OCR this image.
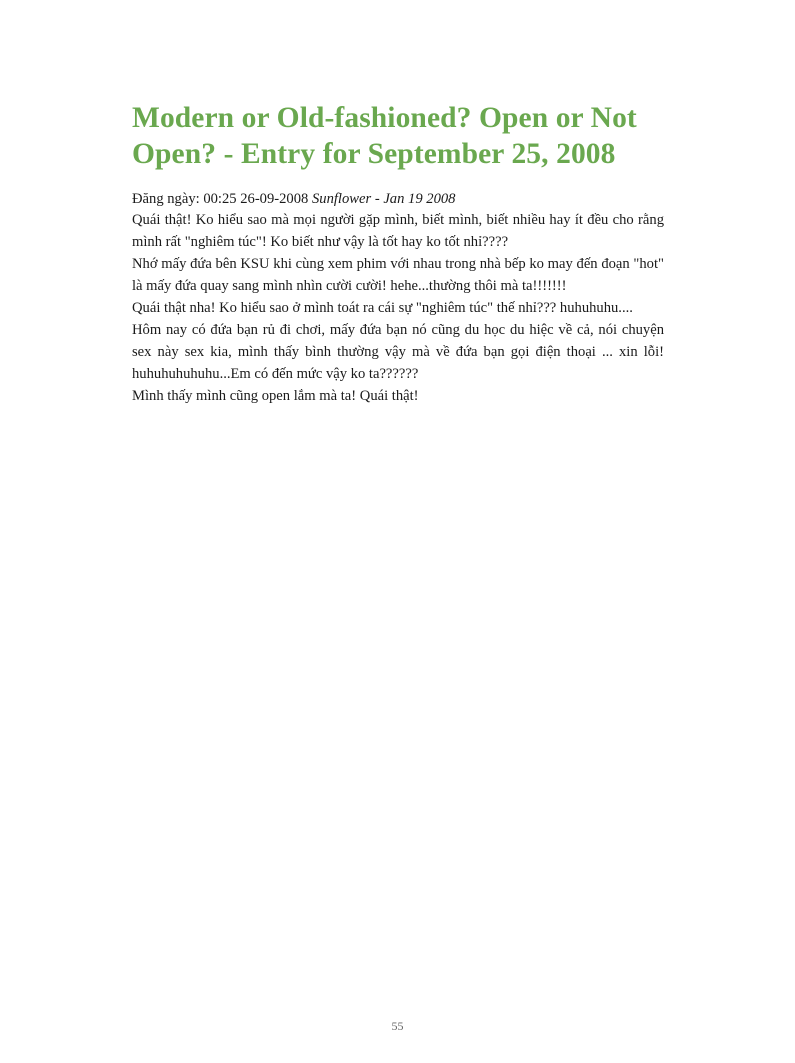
Modern or Old-fashioned? Open or Not Open? - Entry for September 25, 2008
Đăng ngày: 00:25 26-09-2008 Sunflower - Jan 19 2008

Quái thật! Ko hiểu sao mà mọi người gặp mình, biết mình, biết nhiều hay ít đều cho rằng mình rất "nghiêm túc"! Ko biết như vậy là tốt hay ko tốt nhỉ????

Nhớ mấy đứa bên KSU khi cùng xem phim với nhau trong nhà bếp ko may đến đoạn "hot" là mấy đứa quay sang mình nhìn cười cười! hehe...thường thôi mà ta!!!!!!!

Quái thật nha! Ko hiểu sao ở mình toát ra cái sự "nghiêm túc" thế nhỉ??? huhuhuhu....

Hôm nay có đứa bạn rủ đi chơi, mấy đứa bạn nó cũng du học du hiệc về cả, nói chuyện sex này sex kia, mình thấy bình thường vậy mà về đứa bạn gọi điện thoại ... xin lỗi! huhuhuhuhuhu...Em có đến mức vậy ko ta??????

Mình thấy mình cũng open lắm mà ta! Quái thật!

55
